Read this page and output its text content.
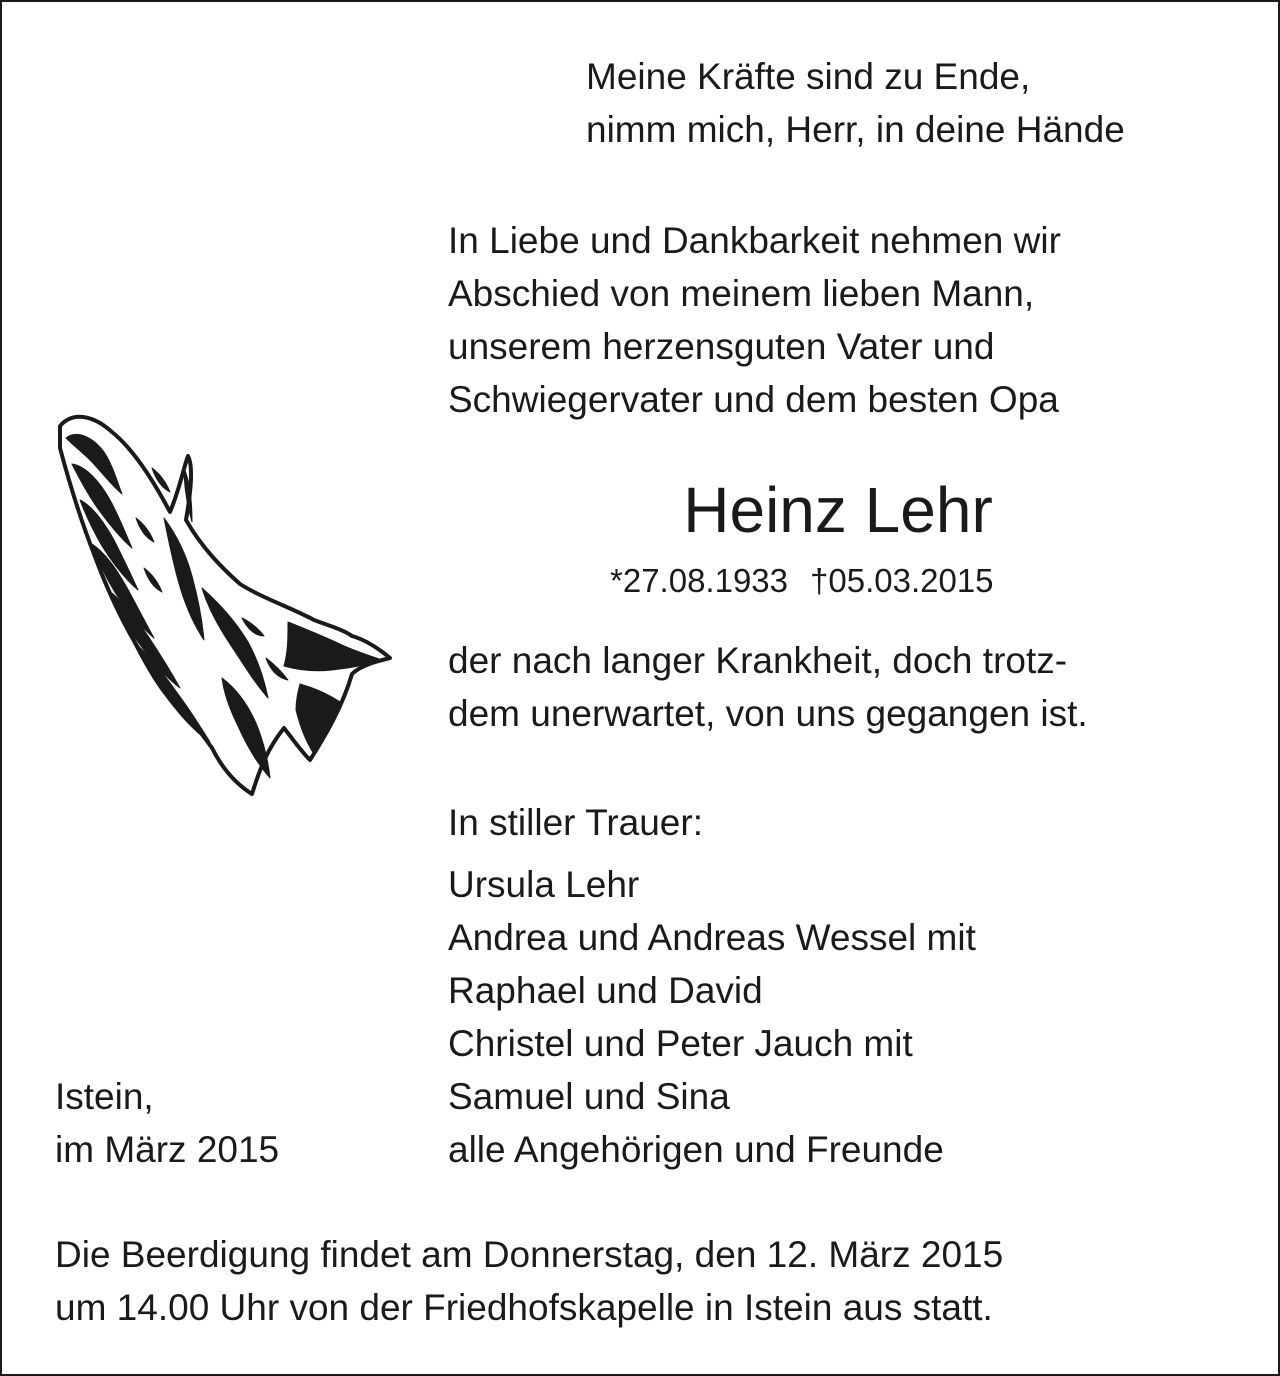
Meine Kräfte sind zu Ende,
nimm mich, Herr, in deine Hände
In Liebe und Dankbarkeit nehmen wir
Abschied von meinem lieben Mann,
unserem herzensguten Vater und
Schwiegervater und dem besten Opa
Heinz Lehr
*27.08.1933 †05.03.2015
der nach langer Krankheit, doch trotz-
dem unerwartet, von uns gegangen ist.
In stiller Trauer:
Ursula Lehr
Andrea und Andreas Wessel mit
Raphael und David
Christel und Peter Jauch mit
Samuel und Sina
alle Angehörigen und Freunde
Istein,
im März 2015
Die Beerdigung findet am Donnerstag, den 12. März 2015
um 14.00 Uhr von der Friedhofskapelle in Istein aus statt.
